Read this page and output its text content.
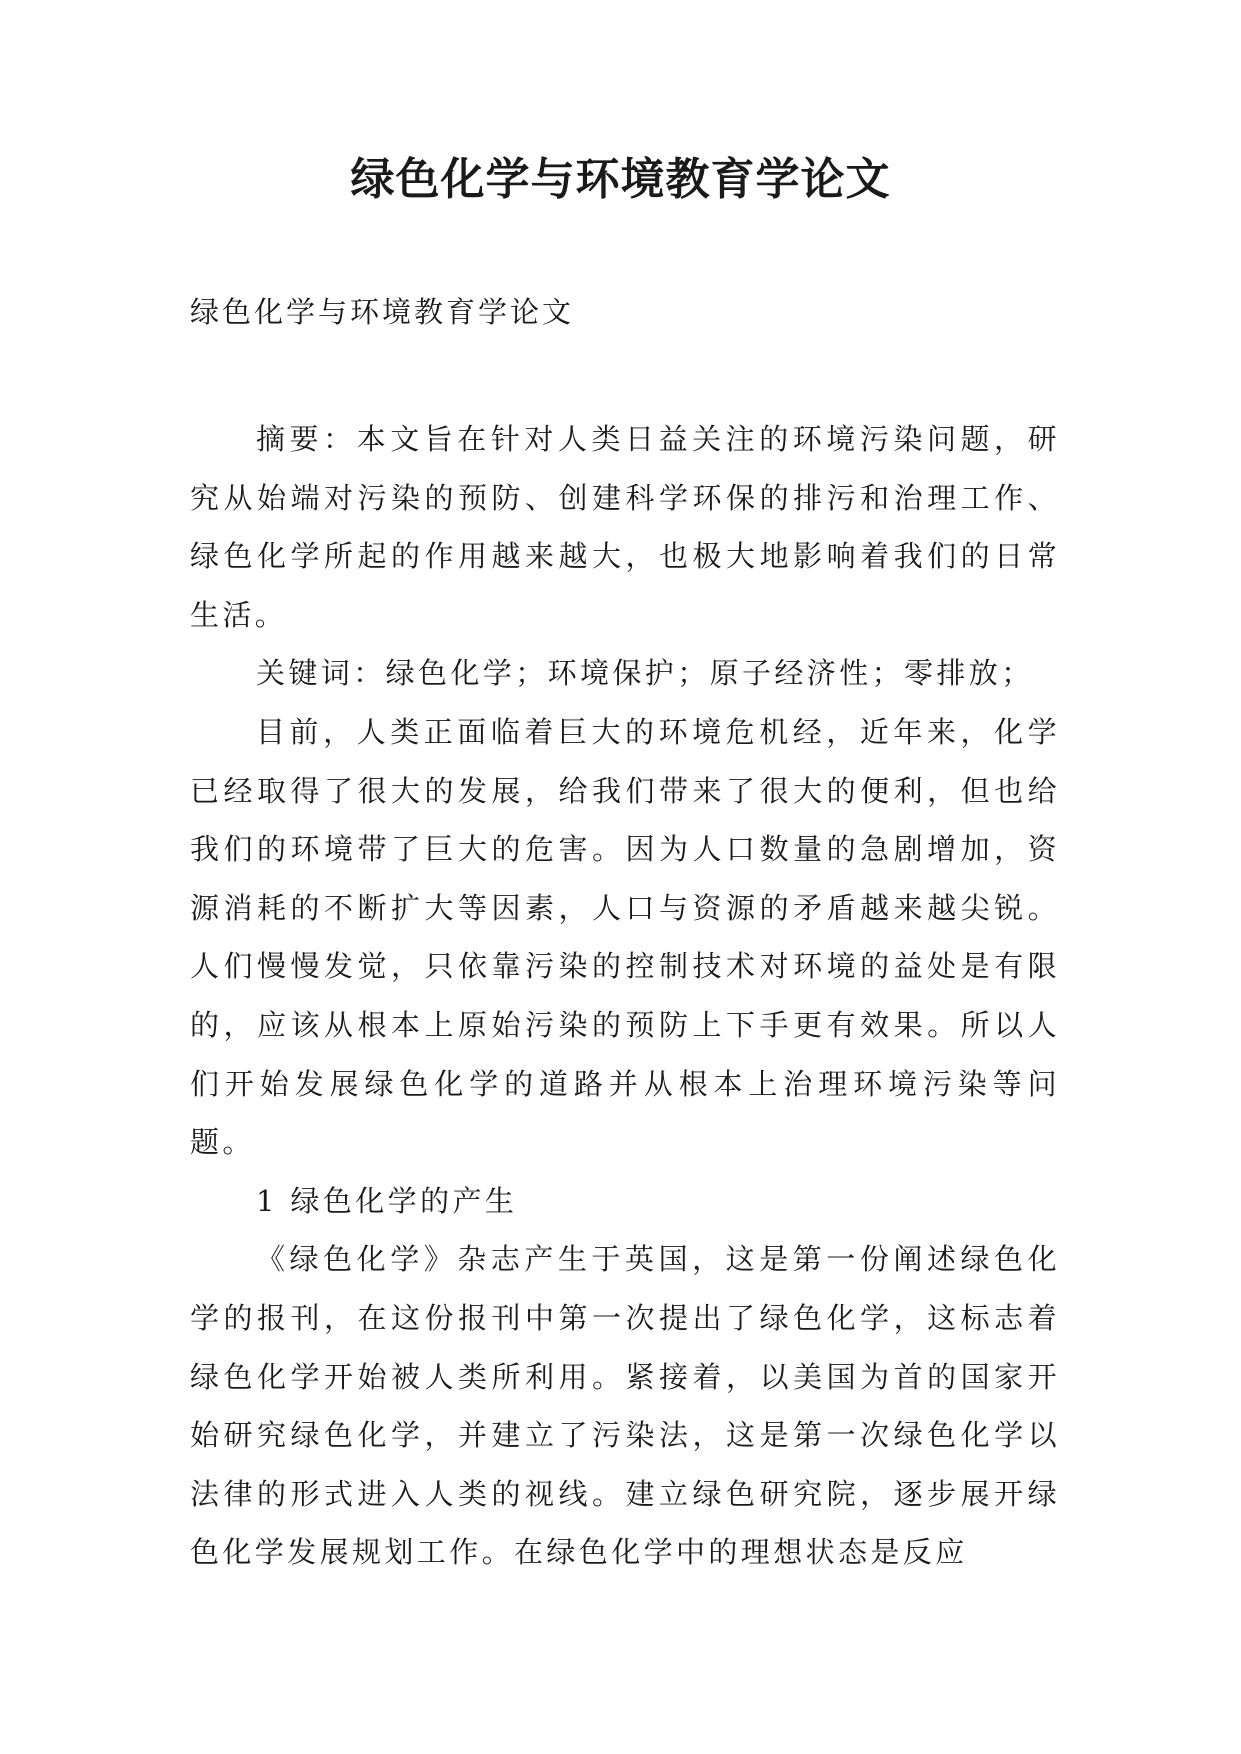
绿色化学与环境教育学论文

绿色化学与环境教育学论文

摘要：本文旨在针对人类日益关注的环境污染问题，研究从始端对污染的预防、创建科学环保的排污和治理工作、绿色化学所起的作用越来越大，也极大地影响着我们的日常生活。

关键词：绿色化学；环境保护；原子经济性；零排放；

目前，人类正面临着巨大的环境危机经，近年来，化学已经取得了很大的发展，给我们带来了很大的便利，但也给我们的环境带了巨大的危害。因为人口数量的急剧增加，资源消耗的不断扩大等因素，人口与资源的矛盾越来越尖锐。人们慢慢发觉，只依靠污染的控制技术对环境的益处是有限的，应该从根本上原始污染的预防上下手更有效果。所以人们开始发展绿色化学的道路并从根本上治理环境污染等问题。

1 绿色化学的产生

《绿色化学》杂志产生于英国，这是第一份阐述绿色化学的报刊，在这份报刊中第一次提出了绿色化学，这标志着绿色化学开始被人类所利用。紧接着，以美国为首的国家开始研究绿色化学，并建立了污染法，这是第一次绿色化学以法律的形式进入人类的视线。建立绿色研究院，逐步展开绿色化学发展规划工作。在绿色化学中的理想状态是反应
